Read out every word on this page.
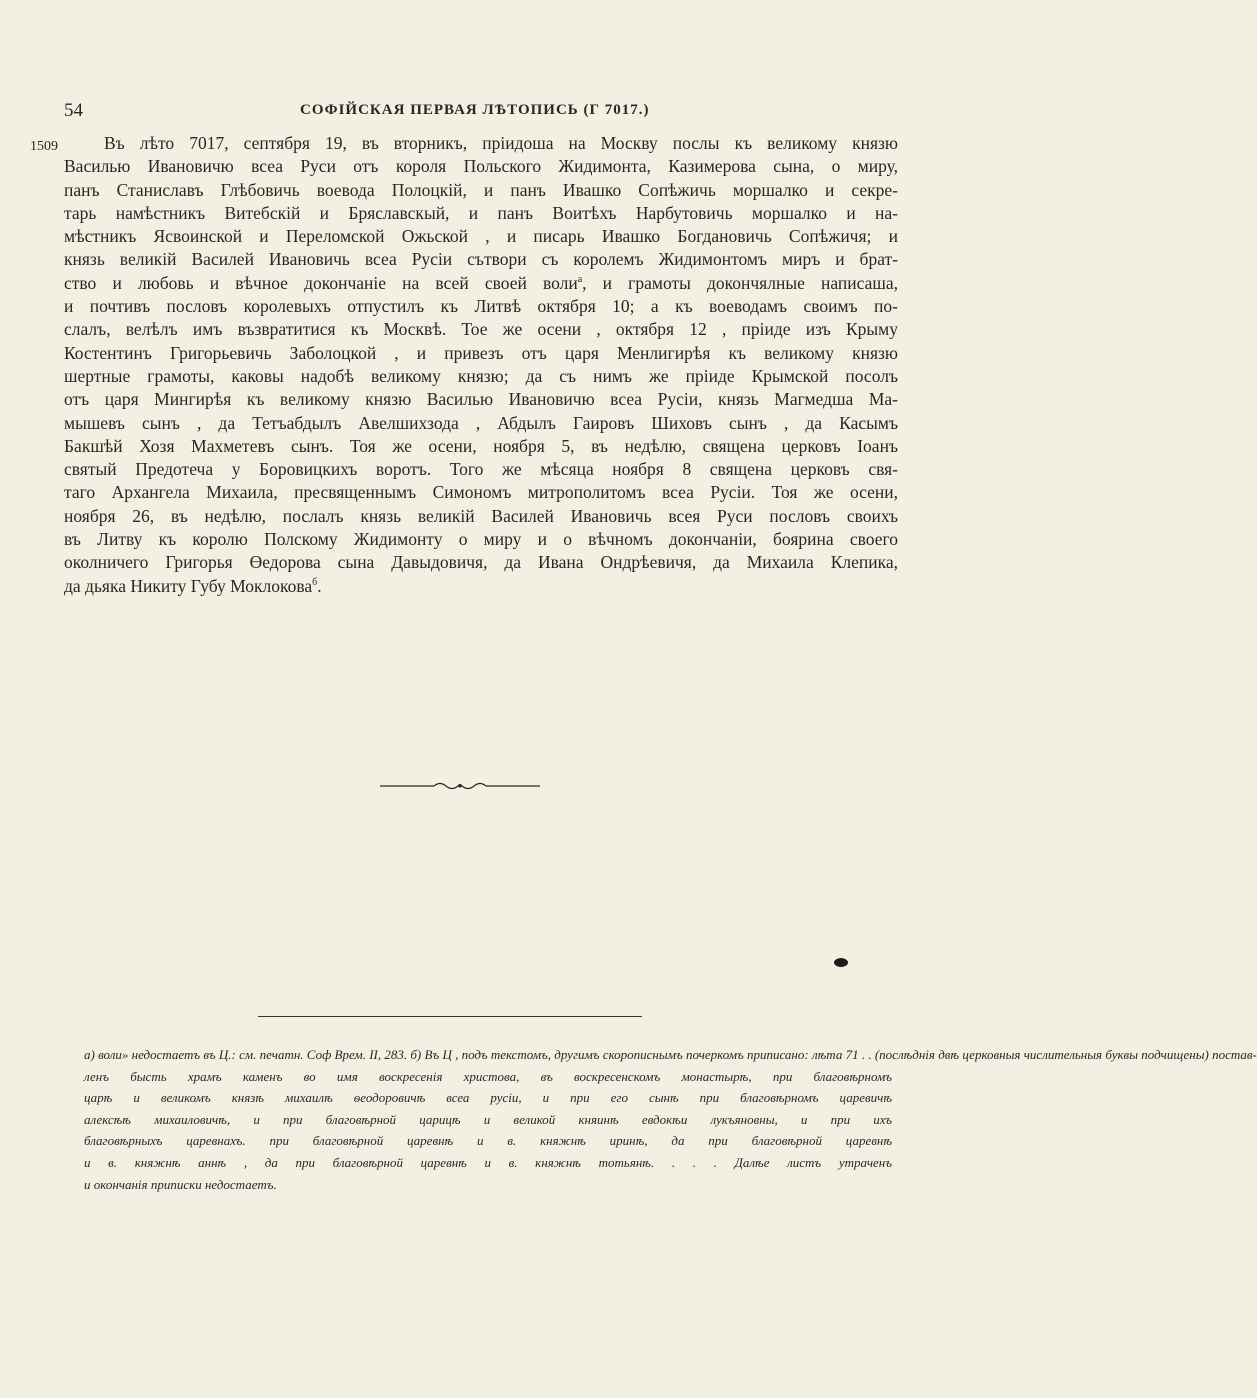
54	СОФІЙСКАЯ ПЕРВАЯ ЛѢТОПИСЬ (Г 7017.)
1509	Въ лѣто 7017, септября 19, въ вторникъ, пріидоша на Москву послы къ великому князю
Василью Ивановичю всеа Руси отъ короля Польского Жидимонта, Казимерова сына, о миру,
панъ Станиславъ Глѣбовичь воевода Полоцкій, и панъ Ивашко Сопѣжичь моршалко и секре-
тарь намѣстникъ Витебскій и Бряславскый, и панъ Воитѣхъ Нарбутовичь моршалко и на-
мѣстникъ Ясвоинской и Переломской Ожьской , и писарь Ивашко Богдановичь Сопѣжичя; и
князь великій Василей Ивановичь всеа Русіи сътвори съ королемъ Жидимонтомъ миръ и брат-
ство и любовь и вѣчное докончаніе на всей своей воли$^а$, и грамоты докончялные написаша,
и почтивъ пословъ королевыхъ отпустилъ къ Литвѣ октября 10; а къ воеводамъ своимъ по-
слалъ, велѣлъ имъ възвратитися къ Москвѣ. Тое же осени , октября 12 , пріиде изъ Крыму
Костентинъ Григорьевичь Заболоцкой , и привезъ отъ царя Менлигирѣя къ великому князю
шертные грамоты, каковы надобѣ великому князю; да съ нимъ же пріиде Крымской посолъ
отъ царя Мингирѣя къ великому князю Василью Ивановичю всеа Русіи, князь Магмедша Ма-
мышевъ сынъ , да Тетъабдылъ Авелшихзода , Абдылъ Гаировъ Шиховъ сынъ , да Касымъ
Бакшѣй Хозя Махметевъ сынъ. Тоя же осени, ноября 5, въ недѣлю, священа церковъ Іоанъ
святый Предотеча у Боровицкихъ воротъ. Того же мѣсяца ноября 8 священа церковъ свя-
таго Архангела Михаила, пресвященнымъ Симономъ митрополитомъ всеа Русіи. Тоя же осени,
ноября 26, въ недѣлю, послалъ князь великій Василей Ивановичь всея Руси пословъ своихъ
въ Литву къ королю Полскому Жидимонту о миру и о вѣчномъ докончаніи, боярина своего
околничего Григорья Өедорова сына Давыдовичя, да Ивана Ондрѣевичя, да Михаила Клепика,
да дьяка Никиту Губу Моклокова$^б$.
а) воли» недостаетъ въ Ц.: см. печатн. Соф Врем. II, 283. б) Въ Ц , подъ текстомъ, другимъ скорописнымъ почеркомъ приписано: лѣта 71 . . (послѣднія двѣ церковныя числительныя буквы подчищены) постав-
ленъ бысть храмъ каменъ во имя воскресенія христова, въ воскресенскомъ монастырѣ, при благовѣрномъ
царѣ и великомъ князѣ михаилѣ ѳеодоровичѣ всеа русіи, и при его сынѣ при благовѣрномъ царевичѣ
алексѣѣ михаиловичѣ, и при благовѣрной царицѣ и великой княинѣ евдокѣи лукъяновны, и при ихъ
благовѣрныхъ царевнахъ. при благовѣрной царевнѣ и в. княжнѣ иринѣ, да при благовѣрной царевнѣ
и в. княжнѣ аннѣ , да при благовѣрной царевнѣ и в. княжнѣ тотьянѣ. . . . Далѣе листъ утраченъ
и окончанія приписки недостаетъ.
